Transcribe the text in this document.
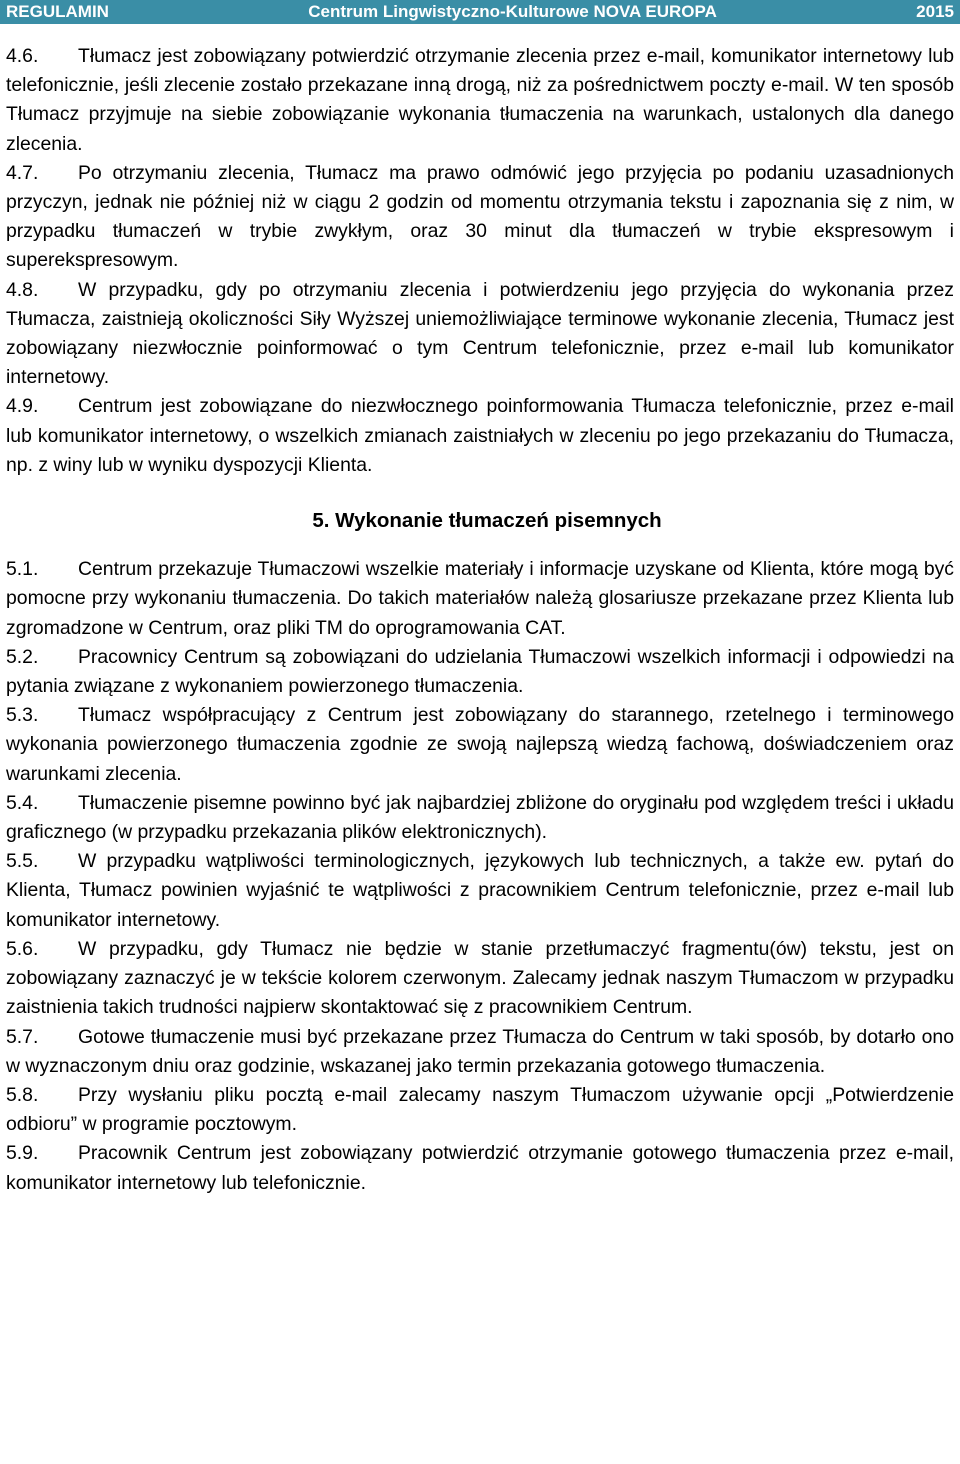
REGULAMIN	Centrum Lingwistyczno-Kulturowe NOVA EUROPA	2015

4.6. Tłumacz jest zobowiązany potwierdzić otrzymanie zlecenia przez e-mail, komunikator internetowy lub telefonicznie, jeśli zlecenie zostało przekazane inną drogą, niż za pośrednictwem poczty e-mail. W ten sposób Tłumacz przyjmuje na siebie zobowiązanie wykonania tłumaczenia na warunkach, ustalonych dla danego zlecenia.

4.7. Po otrzymaniu zlecenia, Tłumacz ma prawo odmówić jego przyjęcia po podaniu uzasadnionych przyczyn, jednak nie później niż w ciągu 2 godzin od momentu otrzymania tekstu i zapoznania się z nim, w przypadku tłumaczeń w trybie zwykłym, oraz 30 minut dla tłumaczeń w trybie ekspresowym i superekspresowym.

4.8. W przypadku, gdy po otrzymaniu zlecenia i potwierdzeniu jego przyjęcia do wykonania przez Tłumacza, zaistnieją okoliczności Siły Wyższej uniemożliwiające terminowe wykonanie zlecenia, Tłumacz jest zobowiązany niezwłocznie poinformować o tym Centrum telefonicznie, przez e-mail lub komunikator internetowy.

4.9. Centrum jest zobowiązane do niezwłocznego poinformowania Tłumacza telefonicznie, przez e-mail lub komunikator internetowy, o wszelkich zmianach zaistniałych w zleceniu po jego przekazaniu do Tłumacza, np. z winy lub w wyniku dyspozycji Klienta.

5. Wykonanie tłumaczeń pisemnych

5.1. Centrum przekazuje Tłumaczowi wszelkie materiały i informacje uzyskane od Klienta, które mogą być pomocne przy wykonaniu tłumaczenia. Do takich materiałów należą glosariusze przekazane przez Klienta lub zgromadzone w Centrum, oraz pliki TM do oprogramowania CAT.

5.2. Pracownicy Centrum są zobowiązani do udzielania Tłumaczowi wszelkich informacji i odpowiedzi na pytania związane z wykonaniem powierzonego tłumaczenia.

5.3. Tłumacz współpracujący z Centrum jest zobowiązany do starannego, rzetelnego i terminowego wykonania powierzonego tłumaczenia zgodnie ze swoją najlepszą wiedzą fachową, doświadczeniem oraz warunkami zlecenia.

5.4. Tłumaczenie pisemne powinno być jak najbardziej zbliżone do oryginału pod względem treści i układu graficznego (w przypadku przekazania plików elektronicznych).

5.5. W przypadku wątpliwości terminologicznych, językowych lub technicznych, a także ew. pytań do Klienta, Tłumacz powinien wyjaśnić te wątpliwości z pracownikiem Centrum telefonicznie, przez e-mail lub komunikator internetowy.

5.6. W przypadku, gdy Tłumacz nie będzie w stanie przetłumaczyć fragmentu(ów) tekstu, jest on zobowiązany zaznaczyć je w tekście kolorem czerwonym. Zalecamy jednak naszym Tłumaczom w przypadku zaistnienia takich trudności najpierw skontaktować się z pracownikiem Centrum.

5.7. Gotowe tłumaczenie musi być przekazane przez Tłumacza do Centrum w taki sposób, by dotarło ono w wyznaczonym dniu oraz godzinie, wskazanej jako termin przekazania gotowego tłumaczenia.

5.8. Przy wysłaniu pliku pocztą e-mail zalecamy naszym Tłumaczom używanie opcji „Potwierdzenie odbioru” w programie pocztowym.

5.9. Pracownik Centrum jest zobowiązany potwierdzić otrzymanie gotowego tłumaczenia przez e-mail, komunikator internetowy lub telefonicznie.
